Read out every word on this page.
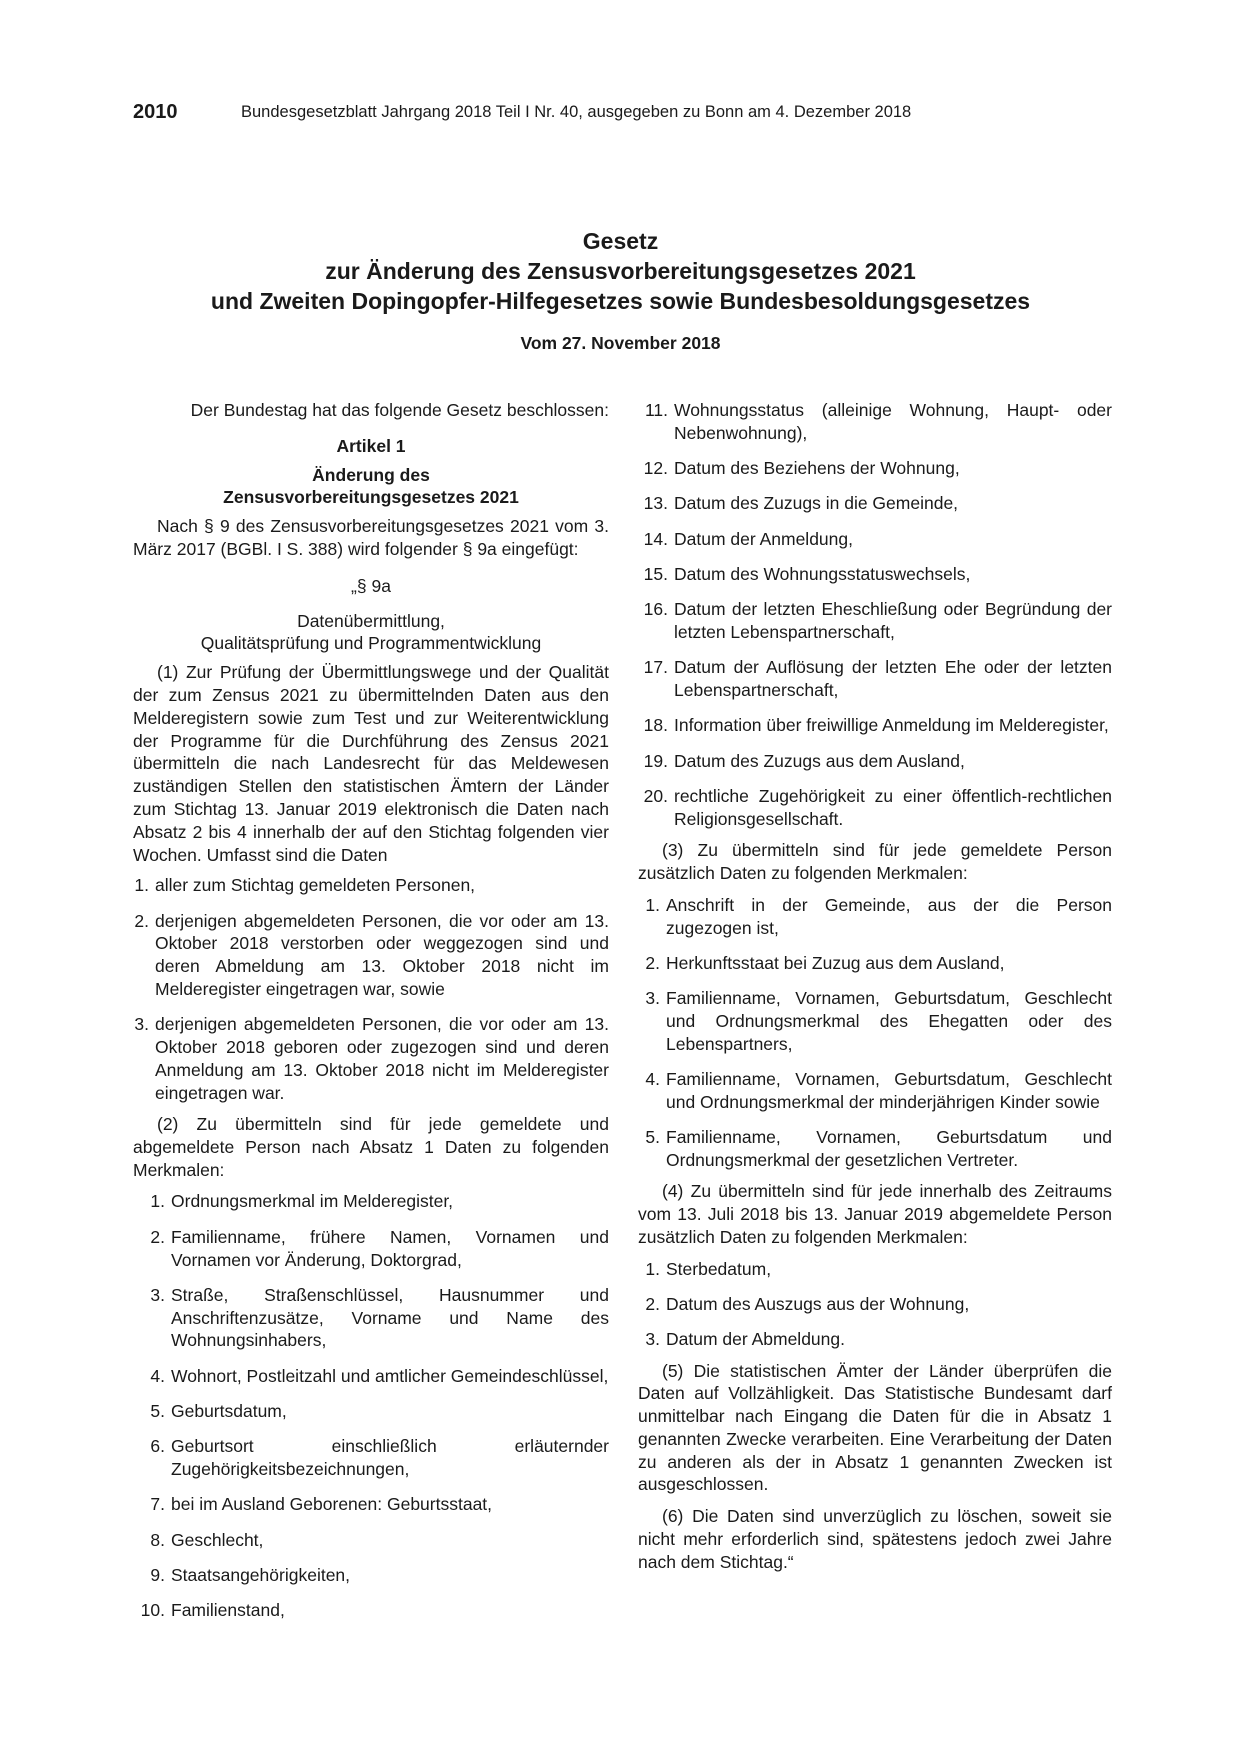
2010	Bundesgesetzblatt Jahrgang 2018 Teil I Nr. 40, ausgegeben zu Bonn am 4. Dezember 2018
Gesetz
zur Änderung des Zensusvorbereitungsgesetzes 2021
und Zweiten Dopingopfer-Hilfegesetzes sowie Bundesbesoldungsgesetzes
Vom 27. November 2018

Der Bundestag hat das folgende Gesetz beschlossen:

Artikel 1

Änderung des

Zensusvorbereitungsgesetzes 2021

Nach § 9 des Zensusvorbereitungsgesetzes 2021 vom 3. März 2017 (BGBl. I S. 388) wird folgender § 9a eingefügt:

„§ 9a

Datenübermittlung,

Qualitätsprüfung und Programmentwicklung

(1) Zur Prüfung der Übermittlungswege und der Qualität der zum Zensus 2021 zu übermittelnden Daten aus den Melderegistern sowie zum Test und zur Weiterentwicklung der Programme für die Durchführung des Zensus 2021 übermitteln die nach Landesrecht für das Meldewesen zuständigen Stellen den statistischen Ämtern der Länder zum Stichtag 13. Januar 2019 elektronisch die Daten nach Absatz 2 bis 4 innerhalb der auf den Stichtag folgenden vier Wochen. Umfasst sind die Daten

1. aller zum Stichtag gemeldeten Personen,
2. derjenigen abgemeldeten Personen, die vor oder am 13. Oktober 2018 verstorben oder weggezogen sind und deren Abmeldung am 13. Oktober 2018 nicht im Melderegister eingetragen war, sowie
3. derjenigen abgemeldeten Personen, die vor oder am 13. Oktober 2018 geboren oder zugezogen sind und deren Anmeldung am 13. Oktober 2018 nicht im Melderegister eingetragen war.

(2) Zu übermitteln sind für jede gemeldete und abgemeldete Person nach Absatz 1 Daten zu folgenden Merkmalen:

1. Ordnungsmerkmal im Melderegister,
2. Familienname, frühere Namen, Vornamen und Vornamen vor Änderung, Doktorgrad,
3. Straße, Straßenschlüssel, Hausnummer und Anschriftenzusätze, Vorname und Name des Wohnungsinhabers,
4. Wohnort, Postleitzahl und amtlicher Gemeindeschlüssel,
5. Geburtsdatum,
6. Geburtsort einschließlich erläuternder Zugehörigkeitsbezeichnungen,
7. bei im Ausland Geborenen: Geburtsstaat,
8. Geschlecht,
9. Staatsangehörigkeiten,
10. Familienstand,
11. Wohnungsstatus (alleinige Wohnung, Haupt- oder Nebenwohnung),
12. Datum des Beziehens der Wohnung,
13. Datum des Zuzugs in die Gemeinde,
14. Datum der Anmeldung,
15. Datum des Wohnungsstatuswechsels,
16. Datum der letzten Eheschließung oder Begründung der letzten Lebenspartnerschaft,
17. Datum der Auflösung der letzten Ehe oder der letzten Lebenspartnerschaft,
18. Information über freiwillige Anmeldung im Melderegister,
19. Datum des Zuzugs aus dem Ausland,
20. rechtliche Zugehörigkeit zu einer öffentlich-rechtlichen Religionsgesellschaft.

(3) Zu übermitteln sind für jede gemeldete Person zusätzlich Daten zu folgenden Merkmalen:

1. Anschrift in der Gemeinde, aus der die Person zugezogen ist,
2. Herkunftsstaat bei Zuzug aus dem Ausland,
3. Familienname, Vornamen, Geburtsdatum, Geschlecht und Ordnungsmerkmal des Ehegatten oder des Lebenspartners,
4. Familienname, Vornamen, Geburtsdatum, Geschlecht und Ordnungsmerkmal der minderjährigen Kinder sowie
5. Familienname, Vornamen, Geburtsdatum und Ordnungsmerkmal der gesetzlichen Vertreter.

(4) Zu übermitteln sind für jede innerhalb des Zeitraums vom 13. Juli 2018 bis 13. Januar 2019 abgemeldete Person zusätzlich Daten zu folgenden Merkmalen:

1. Sterbedatum,
2. Datum des Auszugs aus der Wohnung,
3. Datum der Abmeldung.

(5) Die statistischen Ämter der Länder überprüfen die Daten auf Vollzähligkeit. Das Statistische Bundesamt darf unmittelbar nach Eingang die Daten für die in Absatz 1 genannten Zwecke verarbeiten. Eine Verarbeitung der Daten zu anderen als der in Absatz 1 genannten Zwecken ist ausgeschlossen.

(6) Die Daten sind unverzüglich zu löschen, soweit sie nicht mehr erforderlich sind, spätestens jedoch zwei Jahre nach dem Stichtag.“
